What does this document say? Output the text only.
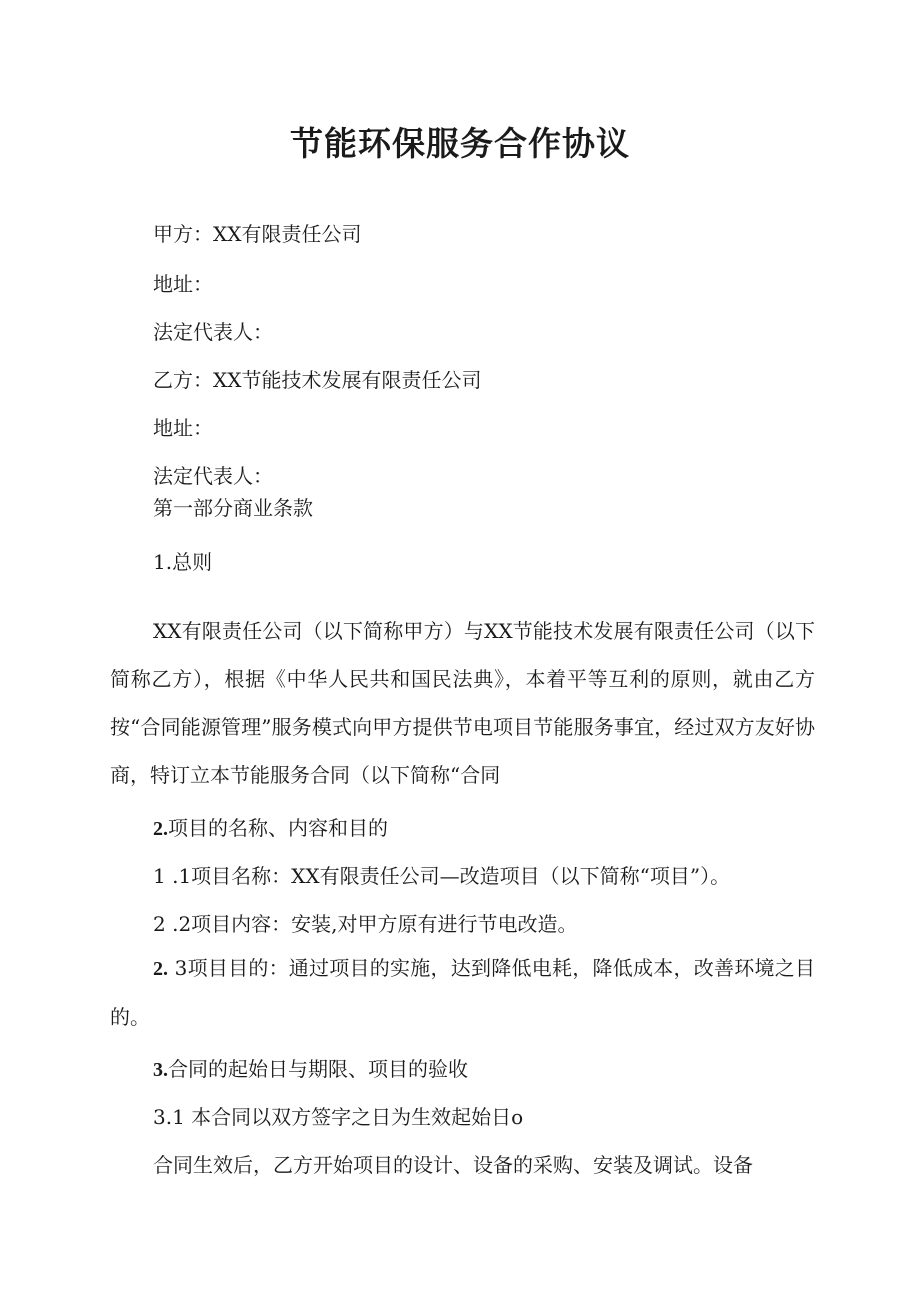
节能环保服务合作协议

甲方：XX有限责任公司

地址：

法定代表人：

乙方：XX节能技术发展有限责任公司

地址：

法定代表人：

第一部分商业条款

1.总则

XX有限责任公司（以下简称甲方）与XX节能技术发展有限责任公司（以下简称乙方），根据《中华人民共和国民法典》，本着平等互利的原则，就由乙方按“合同能源管理”服务模式向甲方提供节电项目节能服务事宜，经过双方友好协商，特订立本节能服务合同（以下简称“合同

2.项目的名称、内容和目的

1 .1项目名称：XX有限责任公司—改造项目（以下简称“项目”）。

2 .2项目内容：安装,对甲方原有进行节电改造。

2. 3项目目的：通过项目的实施，达到降低电耗，降低成本，改善环境之目的。

3.合同的起始日与期限、项目的验收

3.1 本合同以双方签字之日为生效起始日o

合同生效后，乙方开始项目的设计、设备的采购、安装及调试。设备
